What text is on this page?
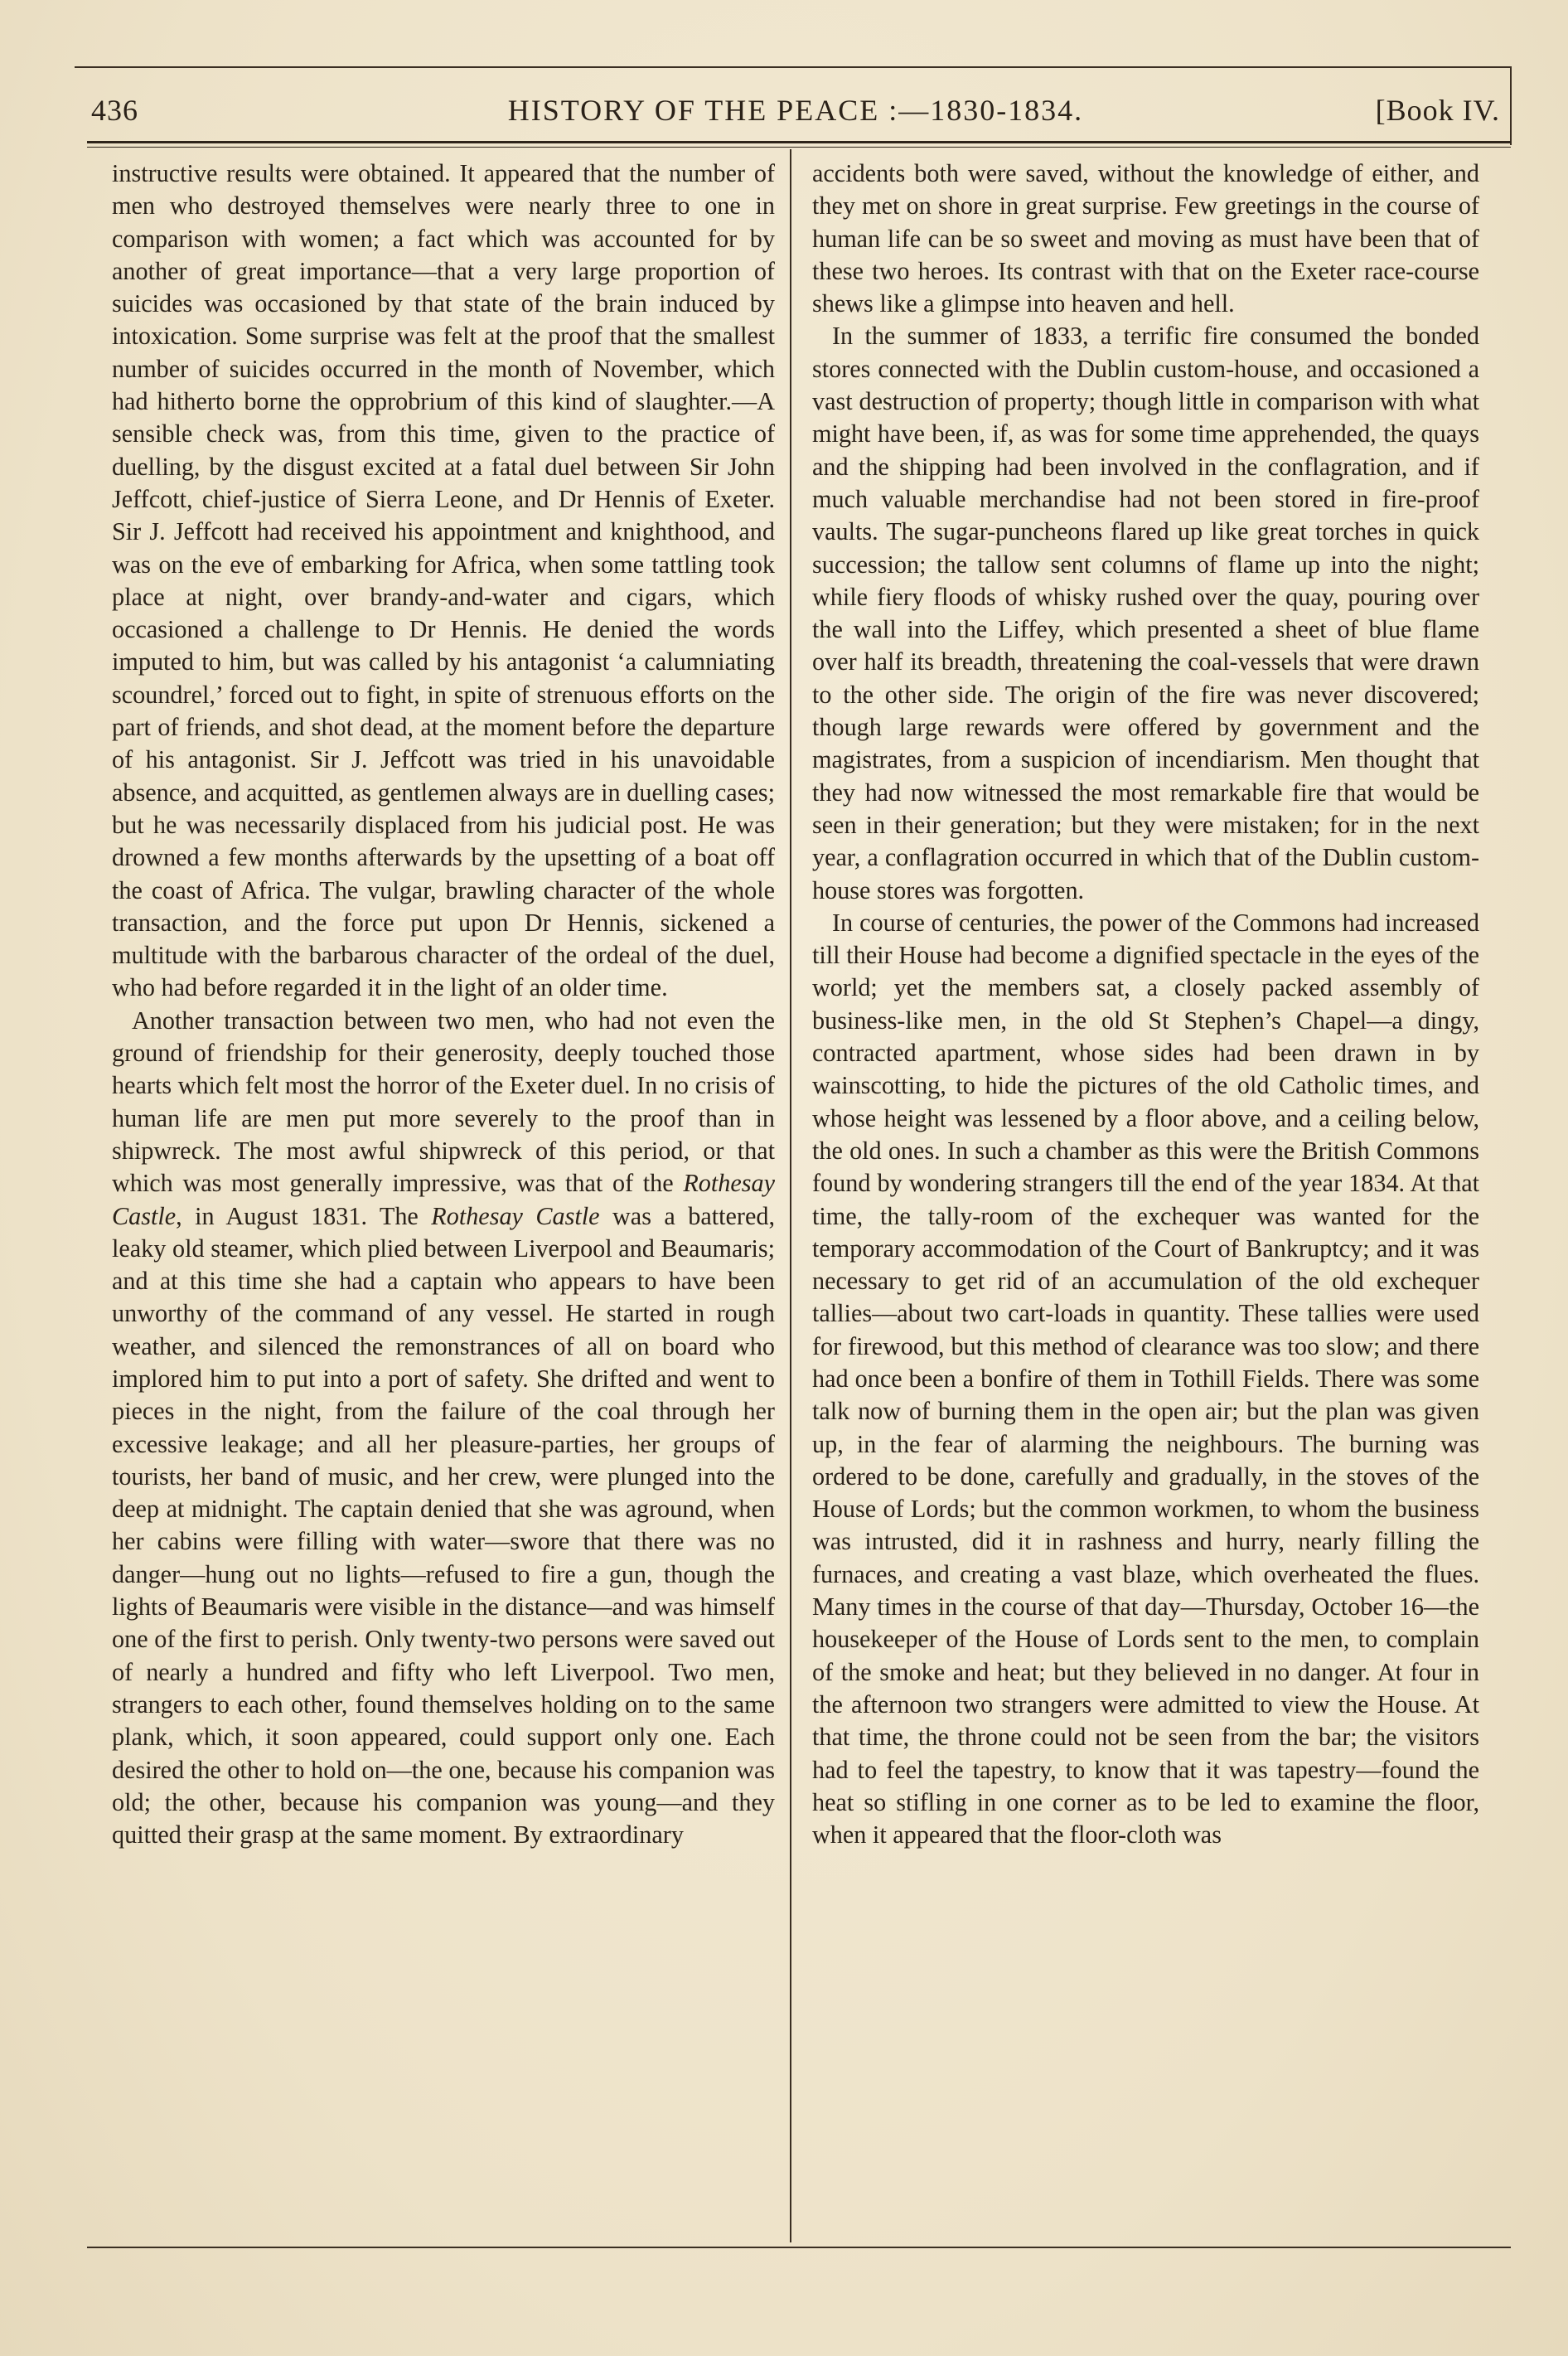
436	HISTORY OF THE PEACE :—1830-1834.	[Book IV.

instructive results were obtained. It appeared that the number of men who destroyed themselves were nearly three to one in comparison with women; a fact which was accounted for by another of great importance—that a very large proportion of suicides was occasioned by that state of the brain induced by intoxication. Some surprise was felt at the proof that the smallest number of suicides occurred in the month of November, which had hitherto borne the opprobrium of this kind of slaughter.—A sensible check was, from this time, given to the practice of duelling, by the disgust excited at a fatal duel between Sir John Jeffcott, chief-justice of Sierra Leone, and Dr Hennis of Exeter. Sir J. Jeffcott had received his appointment and knighthood, and was on the eve of embarking for Africa, when some tattling took place at night, over brandy-and-water and cigars, which occasioned a challenge to Dr Hennis. He denied the words imputed to him, but was called by his antagonist ‘a calumniating scoundrel,’ forced out to fight, in spite of strenuous efforts on the part of friends, and shot dead, at the moment before the departure of his antagonist. Sir J. Jeffcott was tried in his unavoidable absence, and acquitted, as gentlemen always are in duelling cases; but he was necessarily displaced from his judicial post. He was drowned a few months afterwards by the upsetting of a boat off the coast of Africa. The vulgar, brawling character of the whole transaction, and the force put upon Dr Hennis, sickened a multitude with the barbarous character of the ordeal of the duel, who had before regarded it in the light of an older time.

Another transaction between two men, who had not even the ground of friendship for their generosity, deeply touched those hearts which felt most the horror of the Exeter duel. In no crisis of human life are men put more severely to the proof than in shipwreck. The most awful shipwreck of this period, or that which was most generally impressive, was that of the Rothesay Castle, in August 1831. The Rothesay Castle was a battered, leaky old steamer, which plied between Liverpool and Beaumaris; and at this time she had a captain who appears to have been unworthy of the command of any vessel. He started in rough weather, and silenced the remonstrances of all on board who implored him to put into a port of safety. She drifted and went to pieces in the night, from the failure of the coal through her excessive leakage; and all her pleasure-parties, her groups of tourists, her band of music, and her crew, were plunged into the deep at midnight. The captain denied that she was aground, when her cabins were filling with water—swore that there was no danger—hung out no lights—refused to fire a gun, though the lights of Beaumaris were visible in the distance—and was himself one of the first to perish. Only twenty-two persons were saved out of nearly a hundred and fifty who left Liverpool. Two men, strangers to each other, found themselves holding on to the same plank, which, it soon appeared, could support only one. Each desired the other to hold on—the one, because his companion was old; the other, because his companion was young—and they quitted their grasp at the same moment. By extraordinary

accidents both were saved, without the knowledge of either, and they met on shore in great surprise. Few greetings in the course of human life can be so sweet and moving as must have been that of these two heroes. Its contrast with that on the Exeter race-course shews like a glimpse into heaven and hell.

In the summer of 1833, a terrific fire consumed the bonded stores connected with the Dublin custom-house, and occasioned a vast destruction of property; though little in comparison with what might have been, if, as was for some time apprehended, the quays and the shipping had been involved in the conflagration, and if much valuable merchandise had not been stored in fire-proof vaults. The sugar-puncheons flared up like great torches in quick succession; the tallow sent columns of flame up into the night; while fiery floods of whisky rushed over the quay, pouring over the wall into the Liffey, which presented a sheet of blue flame over half its breadth, threatening the coal-vessels that were drawn to the other side. The origin of the fire was never discovered; though large rewards were offered by government and the magistrates, from a suspicion of incendiarism. Men thought that they had now witnessed the most remarkable fire that would be seen in their generation; but they were mistaken; for in the next year, a conflagration occurred in which that of the Dublin custom-house stores was forgotten.

In course of centuries, the power of the Commons had increased till their House had become a dignified spectacle in the eyes of the world; yet the members sat, a closely packed assembly of business-like men, in the old St Stephen’s Chapel—a dingy, contracted apartment, whose sides had been drawn in by wainscotting, to hide the pictures of the old Catholic times, and whose height was lessened by a floor above, and a ceiling below, the old ones. In such a chamber as this were the British Commons found by wondering strangers till the end of the year 1834. At that time, the tally-room of the exchequer was wanted for the temporary accommodation of the Court of Bankruptcy; and it was necessary to get rid of an accumulation of the old exchequer tallies—about two cart-loads in quantity. These tallies were used for firewood, but this method of clearance was too slow; and there had once been a bonfire of them in Tothill Fields. There was some talk now of burning them in the open air; but the plan was given up, in the fear of alarming the neighbours. The burning was ordered to be done, carefully and gradually, in the stoves of the House of Lords; but the common workmen, to whom the business was intrusted, did it in rashness and hurry, nearly filling the furnaces, and creating a vast blaze, which overheated the flues. Many times in the course of that day—Thursday, October 16—the housekeeper of the House of Lords sent to the men, to complain of the smoke and heat; but they believed in no danger. At four in the afternoon two strangers were admitted to view the House. At that time, the throne could not be seen from the bar; the visitors had to feel the tapestry, to know that it was tapestry—found the heat so stifling in one corner as to be led to examine the floor, when it appeared that the floor-cloth was
